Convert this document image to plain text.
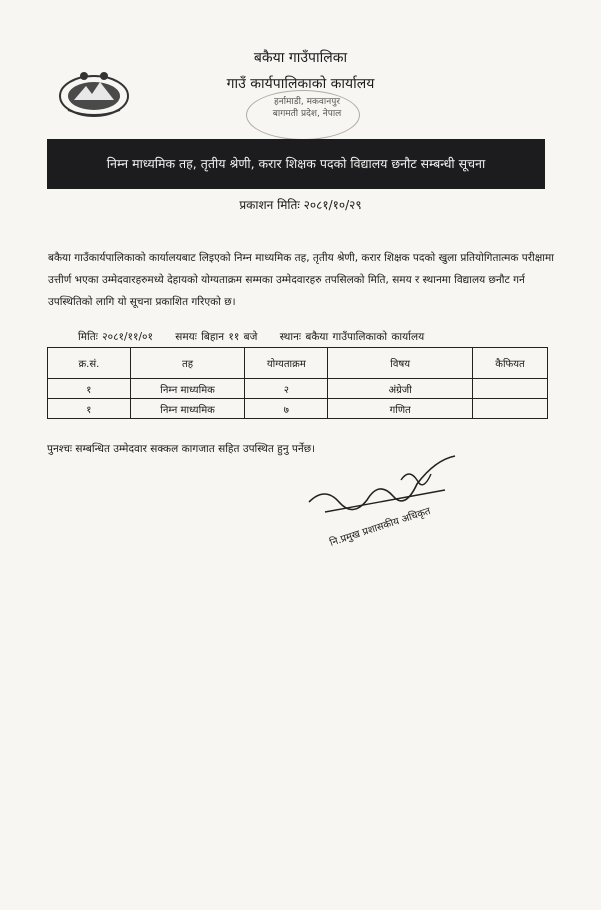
बकैया गाउँपालिका
गाउँ कार्यपालिकाको कार्यालय
हर्नामाडी, मकवानपुर
बागमती प्रदेश, नेपाल
निम्न माध्यमिक तह, तृतीय श्रेणी, करार शिक्षक पदको विद्यालय छनौट सम्बन्धी सूचना
प्रकाशन मितिः २०८१/१०/२९
बकैया गाउँकार्यपालिकाको कार्यालयबाट लिइएको निम्न माध्यमिक तह, तृतीय श्रेणी, करार शिक्षक पदको खुला प्रतियोगितात्मक परीक्षामा उत्तीर्ण भएका उम्मेदवारहरुमध्ये देहायको योग्यताक्रम सम्मका उम्मेदवारहरु तपसिलको मिति, समय र स्थानमा विद्यालय छनौट गर्न उपस्थितिको लागि यो सूचना प्रकाशित गरिएको छ।
मितिः २०८१/११/०१ समयः बिहान ११ बजे स्थानः बकैया गाउँपालिकाको कार्यालय
क्र.सं.	तह	योग्यताक्रम	विषय	कैफियत
१	निम्न माध्यमिक	२	अंग्रेजी	
१	निम्न माध्यमिक	७	गणित	
पुनश्चः सम्बन्धित उम्मेदवार सक्कल कागजात सहित उपस्थित हुनु पर्नेछ।
नि.प्रमुख प्रशासकीय अधिकृत
